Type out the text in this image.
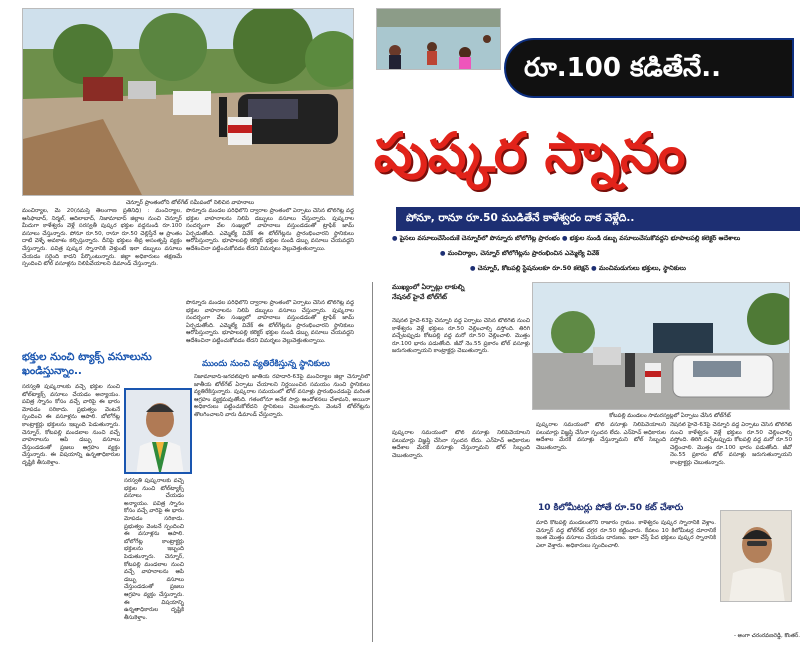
చెన్నూర్ ప్రాంతంలోని టోల్‌గేట్ సమీపంలో నిలిచిన వాహనాలు
రూ.100 కడితేనే..
పుష్కర స్నానం
పోనూ, రానూ రూ.50 ముడితేనే కాళేశ్వరం దాక వెళ్లేది..
● పైసలు వసూలుచేసేందుకే చెన్నూర్‌లో పొన్నూరు బోలోగేట్ల ప్రారంభం ● భక్తుల నుండి డబ్బు వసూలుచేసుకోవద్దని భూపాలపల్లి కలెక్టర్ ఆదేశాలు
● మంచిర్యాల, చెన్నూర్ బోలోగేట్లను ప్రారంభించిన ఎమ్మెల్యే వివేక్
● చెన్నూర్, కోటపల్లి స్టేషనులకూ రూ.50 కలెక్షన్ ● మంచిమడుగులు భక్తులు, స్థానికులు
మంచిర్యాల, మే 20(నమస్తే తెలంగాణ ప్రతినిధి) : మంచిర్యాల, ఆసిఫాబాద్, నిర్మల్, ఆదిలాబాద్, నిజామాబాద్ జిల్లాల నుంచి చెన్నూర్ మీదుగా కాళేశ్వరం వెళ్లే సరస్వతీ పుష్కర భక్తుల వద్దనుండి రూ.100 వసూలు చేస్తున్నారు. పోనూ రూ.50, రానూ రూ.50 చెల్లిస్తేనే ఆ ప్రాంతం దాటి వెళ్ళే అవకాశం కల్పిస్తున్నారు. దీనిపై భక్తులు తీవ్ర అసంతృప్తి వ్యక్తం చేస్తున్నారు. పవిత్ర పుష్కర స్నానానికి వెళ్తుంటే ఇలా డబ్బులు వసూలు చేయడం సరైంది కాదని పేర్కొంటున్నారు. జిల్లా అధికారులు తక్షణమే స్పందించి టోల్ వసూళ్లను నిలిపివేయాలని డిమాండ్ చేస్తున్నారు.
పొన్నూరు మండల పరిధిలోని ద్వారాల ప్రాంతంలో ఏర్పాటు చేసిన టోల్‌గేట్ల వద్ద భక్తుల వాహనాలను నిలిపి డబ్బులు వసూలు చేస్తున్నారు. పుష్కరాల సందర్భంగా వేల సంఖ్యలో వాహనాలు వస్తుండడంతో ట్రాఫిక్ జామ్ ఏర్పడుతోంది. ఎమ్మెల్యే వివేక్ ఈ టోల్‌గేట్లను ప్రారంభించారని స్థానికులు ఆరోపిస్తున్నారు. భూపాలపల్లి కలెక్టర్ భక్తుల నుండి డబ్బు వసూలు చేయవద్దని ఆదేశించినా పట్టించుకోవడం లేదని విమర్శలు వెల్లువెత్తుతున్నాయి.
పొన్నూరు మండల పరిధిలోని ద్వారాల ప్రాంతంలో ఏర్పాటు చేసిన టోల్‌గేట్ల వద్ద భక్తుల వాహనాలను నిలిపి డబ్బులు వసూలు చేస్తున్నారు. పుష్కరాల సందర్భంగా వేల సంఖ్యలో వాహనాలు వస్తుండడంతో ట్రాఫిక్ జామ్ ఏర్పడుతోంది. ఎమ్మెల్యే వివేక్ ఈ టోల్‌గేట్లను ప్రారంభించారని స్థానికులు ఆరోపిస్తున్నారు. భూపాలపల్లి కలెక్టర్ భక్తుల నుండి డబ్బు వసూలు చేయవద్దని ఆదేశించినా పట్టించుకోవడం లేదని విమర్శలు వెల్లువెత్తుతున్నాయి.
భక్తుల నుంచి ట్యాక్స్ వసూలును ఖండిస్తున్నాం..
సరస్వతీ పుష్కరాలకు వచ్చే భక్తుల నుంచి టోల్‌ట్యాక్స్ వసూలు చేయడం అన్యాయం. పవిత్ర స్నానం కోసం వచ్చే వారిపై ఈ భారం మోపడం సరికాదు. ప్రభుత్వం వెంటనే స్పందించి ఈ వసూళ్లను ఆపాలి. బోలోగేట్ల కాంట్రాక్టర్లు భక్తులను ఇబ్బంది పెడుతున్నారు. చెన్నూర్, కోటపల్లి మండలాల నుంచి వచ్చే వాహనాలను ఆపి డబ్బు వసూలు చేస్తుండడంతో ప్రజలు ఆగ్రహం వ్యక్తం చేస్తున్నారు. ఈ విషయాన్ని ఉన్నతాధికారుల దృష్టికి తీసుకెళ్తాం.
సరస్వతీ పుష్కరాలకు వచ్చే భక్తుల నుంచి టోల్‌ట్యాక్స్ వసూలు చేయడం అన్యాయం. పవిత్ర స్నానం కోసం వచ్చే వారిపై ఈ భారం మోపడం సరికాదు. ప్రభుత్వం వెంటనే స్పందించి ఈ వసూళ్లను ఆపాలి. బోలోగేట్ల కాంట్రాక్టర్లు భక్తులను ఇబ్బంది పెడుతున్నారు. చెన్నూర్, కోటపల్లి మండలాల నుంచి వచ్చే వాహనాలను ఆపి డబ్బు వసూలు చేస్తుండడంతో ప్రజలు ఆగ్రహం వ్యక్తం చేస్తున్నారు. ఈ విషయాన్ని ఉన్నతాధికారుల దృష్టికి తీసుకెళ్తాం.
ముందు నుంచి వ్యతిరేకిస్తున్న స్థానికులు
నిజామాబాద్-జగదల్‌పూర్ జాతీయ రహదారి-63పై మంచిర్యాల జిల్లా చెన్నూర్‌లో జాతీయ టోల్‌గేట్ ఏర్పాటు చేయాలని నిర్ణయించిన సమయం నుంచి స్థానికులు వ్యతిరేకిస్తున్నారు. పుష్కరాల సమయంలో టోల్ వసూళ్లు ప్రారంభించడంపై మరింత ఆగ్రహం వ్యక్తమవుతోంది. గతంలోనూ అనేక సార్లు ఆందోళనలు చేశామని, అయినా అధికారులు పట్టించుకోలేదని స్థానికులు చెబుతున్నారు. వెంటనే టోల్‌గేట్లను తొలగించాలని వారు డిమాండ్ చేస్తున్నారు.
ముఖ్యంలో ఏర్పాట్లు లాకుల్ని నేషనల్ హైవే టోల్‌గేట్
నేషనల్ హైవే-63పై చెన్నూర్ వద్ద ఏర్పాటు చేసిన టోల్‌గేట్ నుంచి కాళేశ్వరం వెళ్లే భక్తులు రూ.50 చెల్లించాల్సి వస్తోంది. తిరిగి వచ్చేటప్పుడు కోటపల్లి వద్ద మరో రూ.50 చెల్లించాలి. మొత్తం రూ.100 భారం పడుతోంది. జీవో నెం.55 ప్రకారం టోల్ వసూళ్లు జరుగుతున్నాయని కాంట్రాక్టర్లు చెబుతున్నారు.
పుష్కరాల సమయంలో టోల్ వసూళ్లు నిలిపివేయాలని పలుమార్లు విజ్ఞప్తి చేసినా స్పందన లేదు. ఎన్‌హెచ్ అధికారుల ఆదేశాల మేరకే వసూళ్లు చేస్తున్నామని టోల్ సిబ్బంది చెబుతున్నారు.
కోటపల్లి మండలం సామరస్వట్లలో ఏర్పాటు చేసిన టోల్‌గేట్
పుష్కరాల సమయంలో టోల్ వసూళ్లు నిలిపివేయాలని పలుమార్లు విజ్ఞప్తి చేసినా స్పందన లేదు. ఎన్‌హెచ్ అధికారుల ఆదేశాల మేరకే వసూళ్లు చేస్తున్నామని టోల్ సిబ్బంది చెబుతున్నారు.
నేషనల్ హైవే-63పై చెన్నూర్ వద్ద ఏర్పాటు చేసిన టోల్‌గేట్ నుంచి కాళేశ్వరం వెళ్లే భక్తులు రూ.50 చెల్లించాల్సి వస్తోంది. తిరిగి వచ్చేటప్పుడు కోటపల్లి వద్ద మరో రూ.50 చెల్లించాలి. మొత్తం రూ.100 భారం పడుతోంది. జీవో నెం.55 ప్రకారం టోల్ వసూళ్లు జరుగుతున్నాయని కాంట్రాక్టర్లు చెబుతున్నారు.
10 కిలోమీటర్లు పోతే రూ.50 కట్ చేశారు
మాది కోటపల్లి మండలంలోని రాజారం గ్రామం. కాళేశ్వరం పుష్కర స్నానానికి వెళ్లాం. చెన్నూర్ వద్ద టోల్‌గేట్ దగ్గర రూ.50 కట్టించారు. కేవలం 10 కిలోమీటర్ల దూరానికే ఇంత మొత్తం వసూలు చేయడం దారుణం. ఇలా చేస్తే పేద భక్తులు పుష్కర స్నానానికి ఎలా వెళ్తారు. అధికారులు స్పందించాలి.
- అంగా చరంరవణరెడ్డి, కొంతర్.
